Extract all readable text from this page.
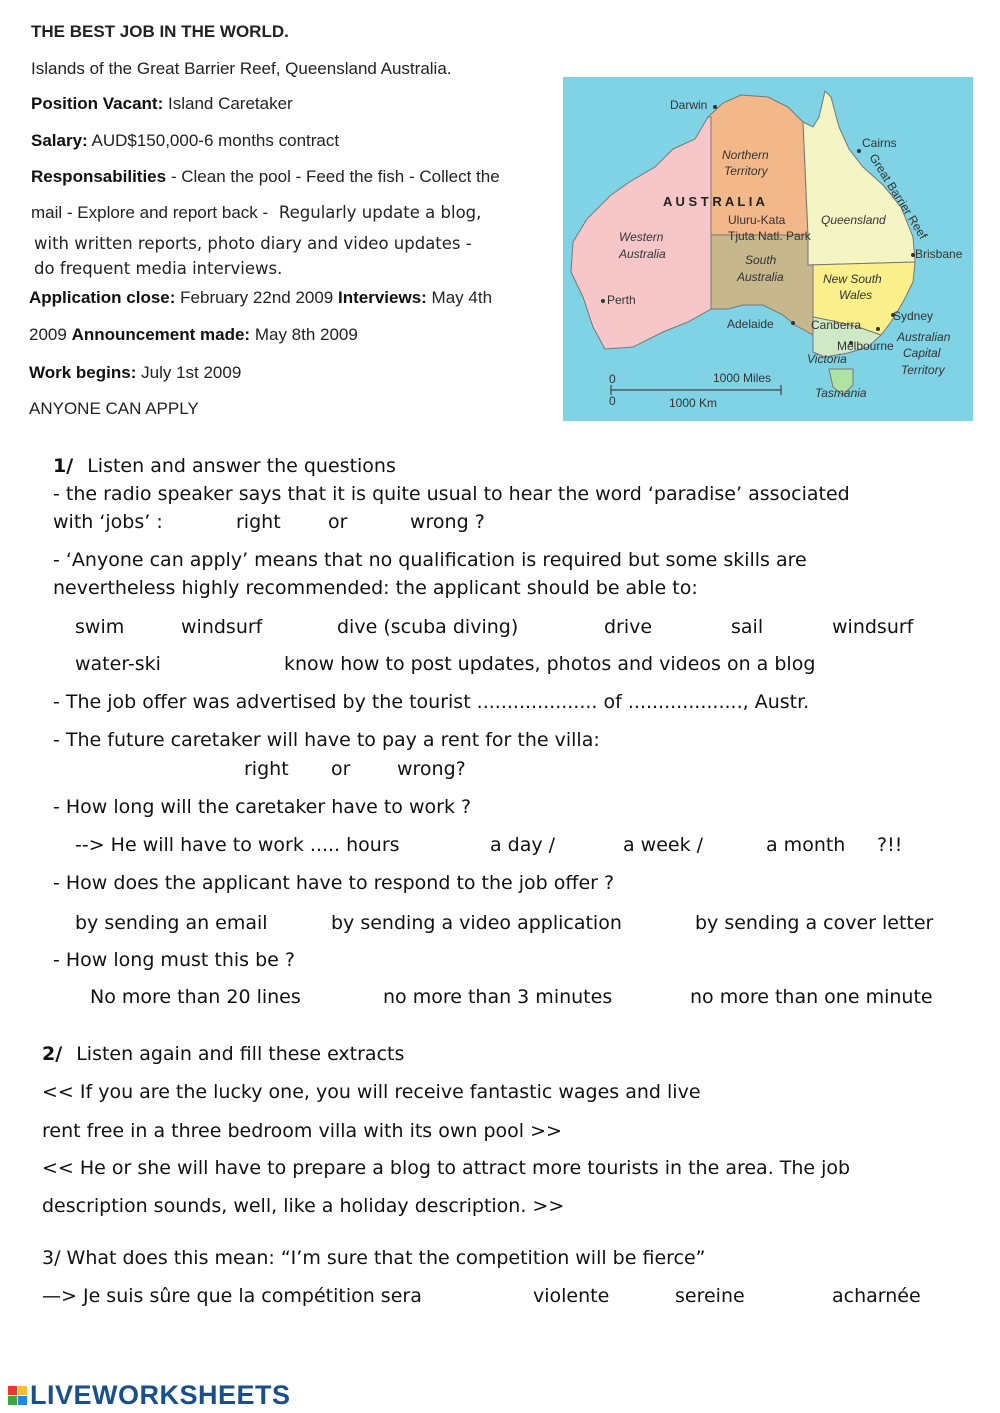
THE BEST JOB IN THE WORLD.
Islands of the Great Barrier Reef, Queensland Australia.
Position Vacant: Island Caretaker
Salary: AUD$150,000-6 months contract
Responsabilities - Clean the pool - Feed the fish - Collect the
mail - Explore and report back - Regularly update a blog,
with written reports, photo diary and video updates -
do frequent media interviews.
Application close: February 22nd 2009 Interviews: May 4th
2009 Announcement made: May 8th 2009
Work begins: July 1st 2009
ANYONE CAN APPLY
Darwin
Cairns
Great Barrier Reef
Northern
Territory
A U S T R A L I A
Uluru-Kata
Tjuta Natl. Park
Queensland
Western
Australia	South
Australia
Brisbane
New South
Wales
Perth
Sydney
Adelaide	Canberra
Australian
Capital
Melbourne
Victoria
Territory
Tasmania
0	1000 Miles
0	1000 Km
1/ Listen and answer the questions
- the radio speaker says that it is quite usual to hear the word ‘paradise’ associated
with ‘jobs’ :	right or	wrong ?
- ‘Anyone can apply’ means that no qualification is required but some skills are
nevertheless highly recommended: the applicant should be able to:
swim	windsurf	dive (scuba diving)	drive	sail	windsurf
water-ski	know how to post updates, photos and videos on a blog
- The job offer was advertised by the tourist .................... of ..................., Austr.
- The future caretaker will have to pay a rent for the villa:
right or wrong?
- How long will the caretaker have to work ?
--> He will have to work ..... hours	a day /	a week /	a month ?!!
- How does the applicant have to respond to the job offer ?
by sending an email	by sending a video application	by sending a cover letter
- How long must this be ?
No more than 20 lines	no more than 3 minutes	no more than one minute
2/ Listen again and fill these extracts
<< If you are the lucky one, you will receive fantastic wages and live
rent free in a three bedroom villa with its own pool >>
<< He or she will have to prepare a blog to attract more tourists in the area. The job
description sounds, well, like a holiday description. >>
3/ What does this mean: “I’m sure that the competition will be fierce”
—> Je suis sûre que la compétition sera	violente	sereine	acharnée
LIVEWORKSHEETS
